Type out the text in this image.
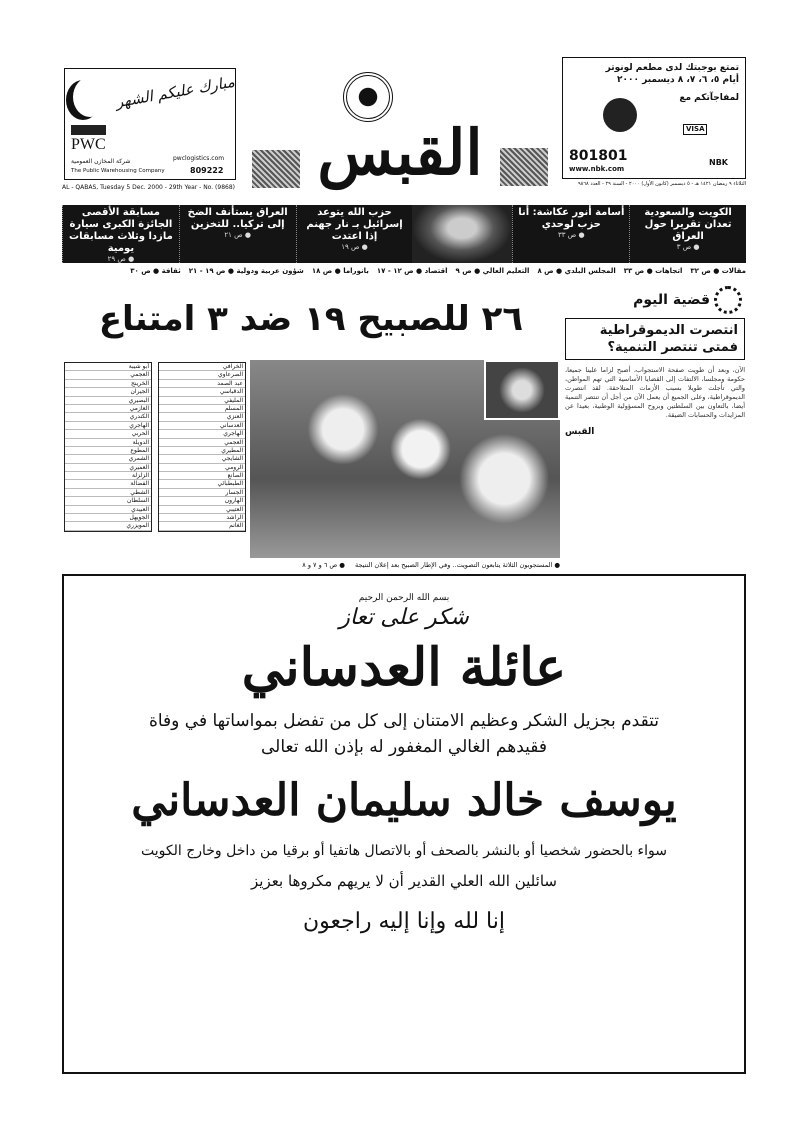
مبارك عليكم الشهر
PWC
شركة المخازن العمومية
The Public Warehousing Company
pwclogistics.com
809222
AL - QABAS, Tuesday 5 Dec. 2000 - 29th Year - No. (9868) القبس
تمتع بوجبتك لدى مطعم لونوتر
أيام ٥، ٦، ٧، ٨ ديسمبر ٢٠٠٠
لمفاجآتكم مع
VISA
801801
www.nbk.com
NBK
الثلاثاء ٩ رمضان ١٤٢١ هـ - ٥ ديسمبر (كانون الأول) ٢٠٠٠ - السنة ٢٩ - العدد ٩٨٦٨
الكويت والسعودية تعدان تقريرا حول العراق
● ص ٣
أسامة أنور عكاشة: أنا حزب لوحدي
● ص ٣٣
حزب الله يتوعد إسرائيل بـ نار جهنم إذا اعتدت
● ص ١٩
العراق يستأنف الضخ إلى تركيا.. للتخزين
● ص ٢١
مسابقة الأقصى الجائزة الكبرى سيارة مازدا وثلاث مسابقات يومية
● ص ٢٩
مقالات ● ص ٣٢
اتجاهات ● ص ٣٣
المجلس البلدي ● ص ٨
التعليم العالي ● ص ٩
اقتصاد ● ص ١٢ - ١٧
بانوراما ● ص ١٨
شؤون عربية ودولية ● ص ١٩ - ٢١
ثقافة ● ص ٣٠
٢٦ للصبيح ١٩ ضد ٣ امتناع	قضية اليوم
انتصرت الديموقراطية فمتى تنتصر التنمية؟
الآن، وبعد أن طويت صفحة الاستجواب، أصبح لزاما علينا جميعا، حكومة ومجلسا، الالتفات إلى القضايا الأساسية التي تهم المواطن، والتي تأجلت طويلا بسبب الأزمات المتلاحقة. لقد انتصرت الديموقراطية، وعلى الجميع أن يعمل الآن من أجل أن تنتصر التنمية أيضا، بالتعاون بين السلطتين وبروح المسؤولية الوطنية، بعيدا عن المزايدات والحسابات الضيقة.
القبس
● المستجوبون الثلاثة يتابعون التصويت.. وفي الإطار الصبيح بعد إعلان النتيجة
● ص ٦ و ٧ و ٨
الخرافي
الصرعاوي
عبد الصمد
الدقباسي
المليفي
المسلم
العنزي
العدساني
الهاجري
العجمي
المطيري
الشايجي
الرومي
الصانع
الطبطبائي
الجسار
الهارون
العتيبي
الراشد
الغانم
أبو شيبة
العجمي
الخرينج
الجيران
البصيري
العازمي
الكندري
الهاجري
الحربي
الدويلة
المطوع
الشمري
العميري
الزلزلة
الفضالة
الشطي
السلطان
العبيدي
الجويهل
المويزري
بسم الله الرحمن الرحيم
شكر على تعاز
عائلة العدساني
تتقدم بجزيل الشكر وعظيم الامتنان إلى كل من تفضل بمواساتها في وفاة
فقيدهم الغالي المغفور له بإذن الله تعالى
يوسف خالد سليمان العدساني
سواء بالحضور شخصيا أو بالنشر بالصحف أو بالاتصال هاتفيا أو برقيا من داخل وخارج الكويت
سائلين الله العلي القدير أن لا يريهم مكروها بعزيز
إنا لله وإنا إليه راجعون
